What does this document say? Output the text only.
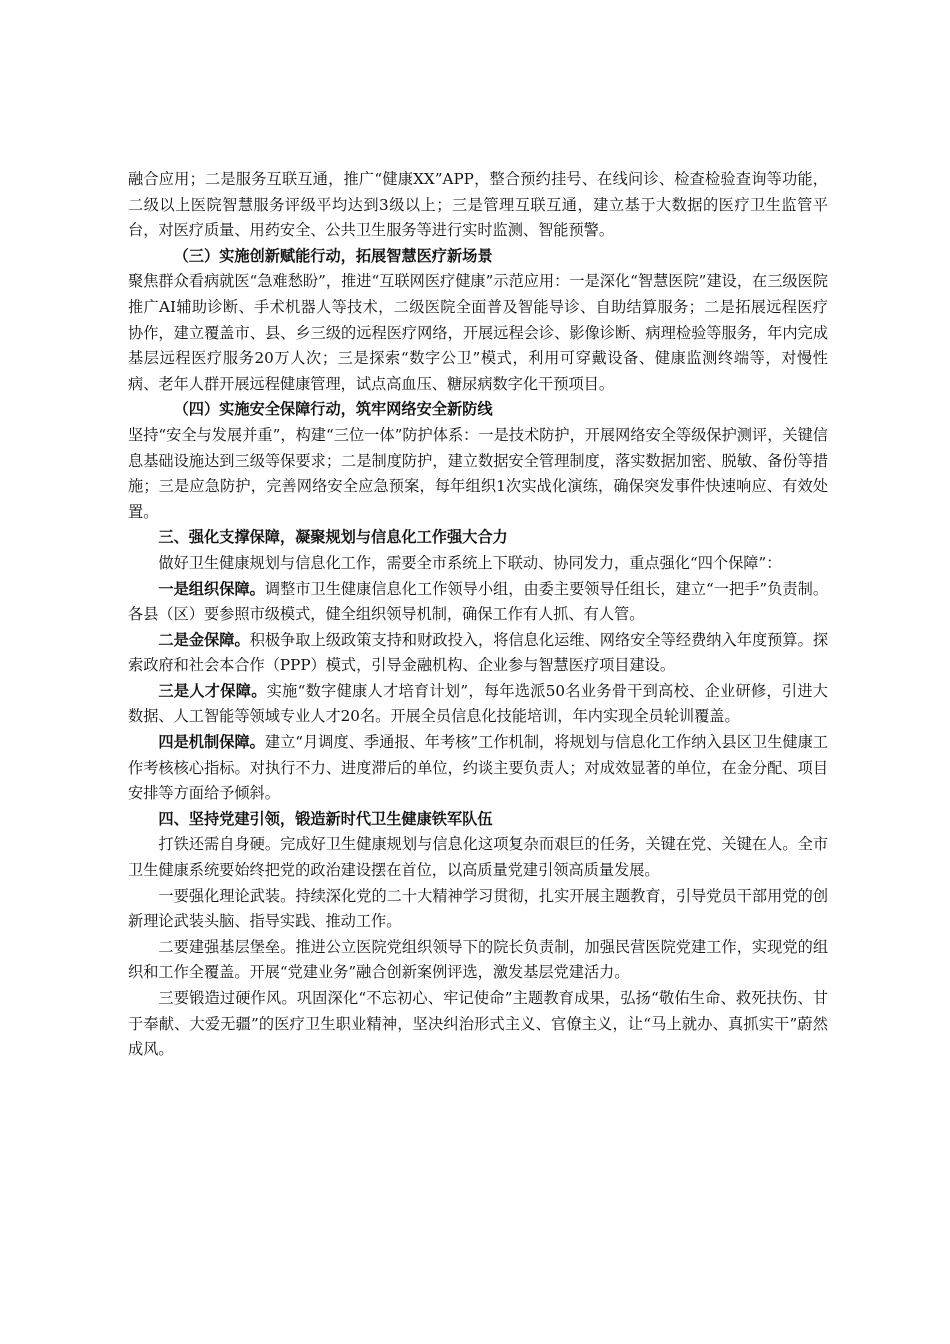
融合应用；二是服务互联互通，推广“健康XX”APP，整合预约挂号、在线问诊、检查检验查询等功能，二级以上医院智慧服务评级平均达到3级以上；三是管理互联互通，建立基于大数据的医疗卫生监管平台，对医疗质量、用药安全、公共卫生服务等进行实时监测、智能预警。

（三）实施创新赋能行动，拓展智慧医疗新场景

聚焦群众看病就医“急难愁盼”，推进“互联网医疗健康”示范应用：一是深化“智慧医院”建设，在三级医院推广AI辅助诊断、手术机器人等技术，二级医院全面普及智能导诊、自助结算服务；二是拓展远程医疗协作，建立覆盖市、县、乡三级的远程医疗网络，开展远程会诊、影像诊断、病理检验等服务，年内完成基层远程医疗服务20万人次；三是探索“数字公卫”模式，利用可穿戴设备、健康监测终端等，对慢性病、老年人群开展远程健康管理，试点高血压、糖尿病数字化干预项目。

（四）实施安全保障行动，筑牢网络安全新防线

坚持“安全与发展并重”，构建“三位一体”防护体系：一是技术防护，开展网络安全等级保护测评，关键信息基础设施达到三级等保要求；二是制度防护，建立数据安全管理制度，落实数据加密、脱敏、备份等措施；三是应急防护，完善网络安全应急预案，每年组织1次实战化演练，确保突发事件快速响应、有效处置。

三、强化支撑保障，凝聚规划与信息化工作强大合力

做好卫生健康规划与信息化工作，需要全市系统上下联动、协同发力，重点强化“四个保障”：

一是组织保障。调整市卫生健康信息化工作领导小组，由委主要领导任组长，建立“一把手”负责制。各县（区）要参照市级模式，健全组织领导机制，确保工作有人抓、有人管。

二是金保障。积极争取上级政策支持和财政投入，将信息化运维、网络安全等经费纳入年度预算。探索政府和社会本合作（PPP）模式，引导金融机构、企业参与智慧医疗项目建设。

三是人才保障。实施“数字健康人才培育计划”，每年选派50名业务骨干到高校、企业研修，引进大数据、人工智能等领域专业人才20名。开展全员信息化技能培训，年内实现全员轮训覆盖。

四是机制保障。建立“月调度、季通报、年考核”工作机制，将规划与信息化工作纳入县区卫生健康工作考核核心指标。对执行不力、进度滞后的单位，约谈主要负责人；对成效显著的单位，在金分配、项目安排等方面给予倾斜。

四、坚持党建引领，锻造新时代卫生健康铁军队伍

打铁还需自身硬。完成好卫生健康规划与信息化这项复杂而艰巨的任务，关键在党、关键在人。全市卫生健康系统要始终把党的政治建设摆在首位，以高质量党建引领高质量发展。

一要强化理论武装。持续深化党的二十大精神学习贯彻，扎实开展主题教育，引导党员干部用党的创新理论武装头脑、指导实践、推动工作。

二要建强基层堡垒。推进公立医院党组织领导下的院长负责制，加强民营医院党建工作，实现党的组织和工作全覆盖。开展“党建业务”融合创新案例评选，激发基层党建活力。

三要锻造过硬作风。巩固深化“不忘初心、牢记使命”主题教育成果，弘扬“敬佑生命、救死扶伤、甘于奉献、大爱无疆”的医疗卫生职业精神，坚决纠治形式主义、官僚主义，让“马上就办、真抓实干”蔚然成风。
